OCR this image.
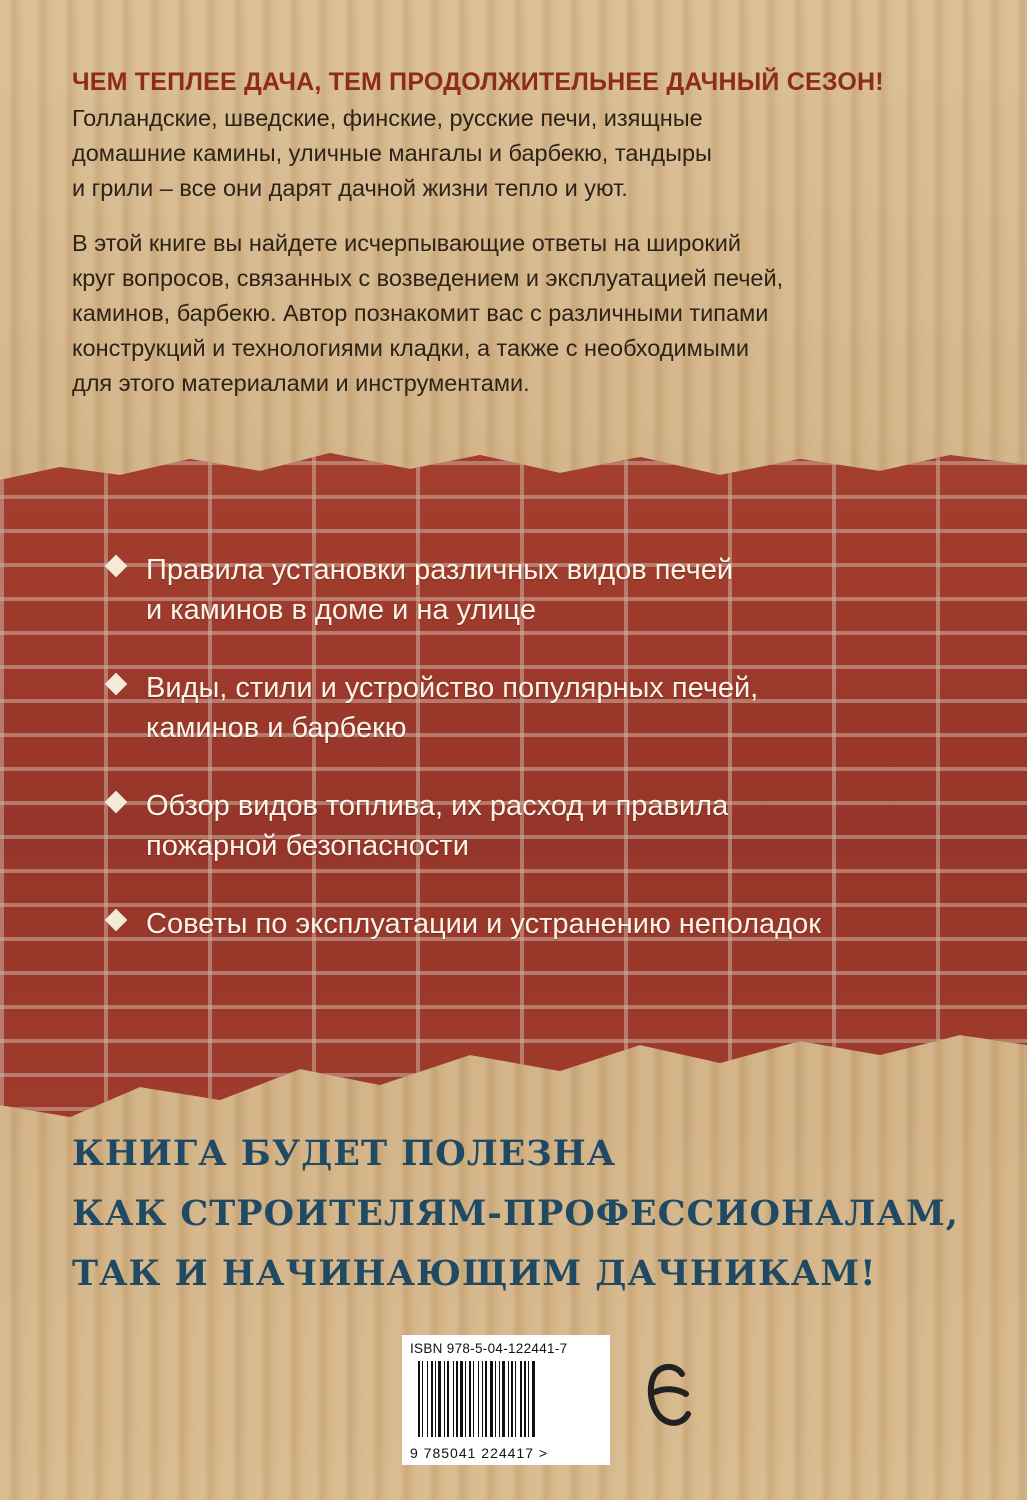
ЧЕМ ТЕПЛЕЕ ДАЧА, ТЕМ ПРОДОЛЖИТЕЛЬНЕЕ ДАЧНЫЙ СЕЗОН!

Голландские, шведские, финские, русские печи, изящные
домашние камины, уличные мангалы и барбекю, тандыры
и грили – все они дарят дачной жизни тепло и уют.

В этой книге вы найдете исчерпывающие ответы на широкий
круг вопросов, связанных с возведением и эксплуатацией печей,
каминов, барбекю. Автор познакомит вас с различными типами
конструкций и технологиями кладки, а также с необходимыми
для этого материалами и инструментами.

Правила установки различных видов печей
и каминов в доме и на улице
Виды, стили и устройство популярных печей,
каминов и барбекю
Обзор видов топлива, их расход и правила
пожарной безопасности
Советы по эксплуатации и устранению неполадок
КНИГА БУДЕТ ПОЛЕЗНА
КАК СТРОИТЕЛЯМ-ПРОФЕССИОНАЛАМ,
ТАК И НАЧИНАЮЩИМ ДАЧНИКАМ!
ISBN 978-5-04-122441-7
9 785041 224417 >
